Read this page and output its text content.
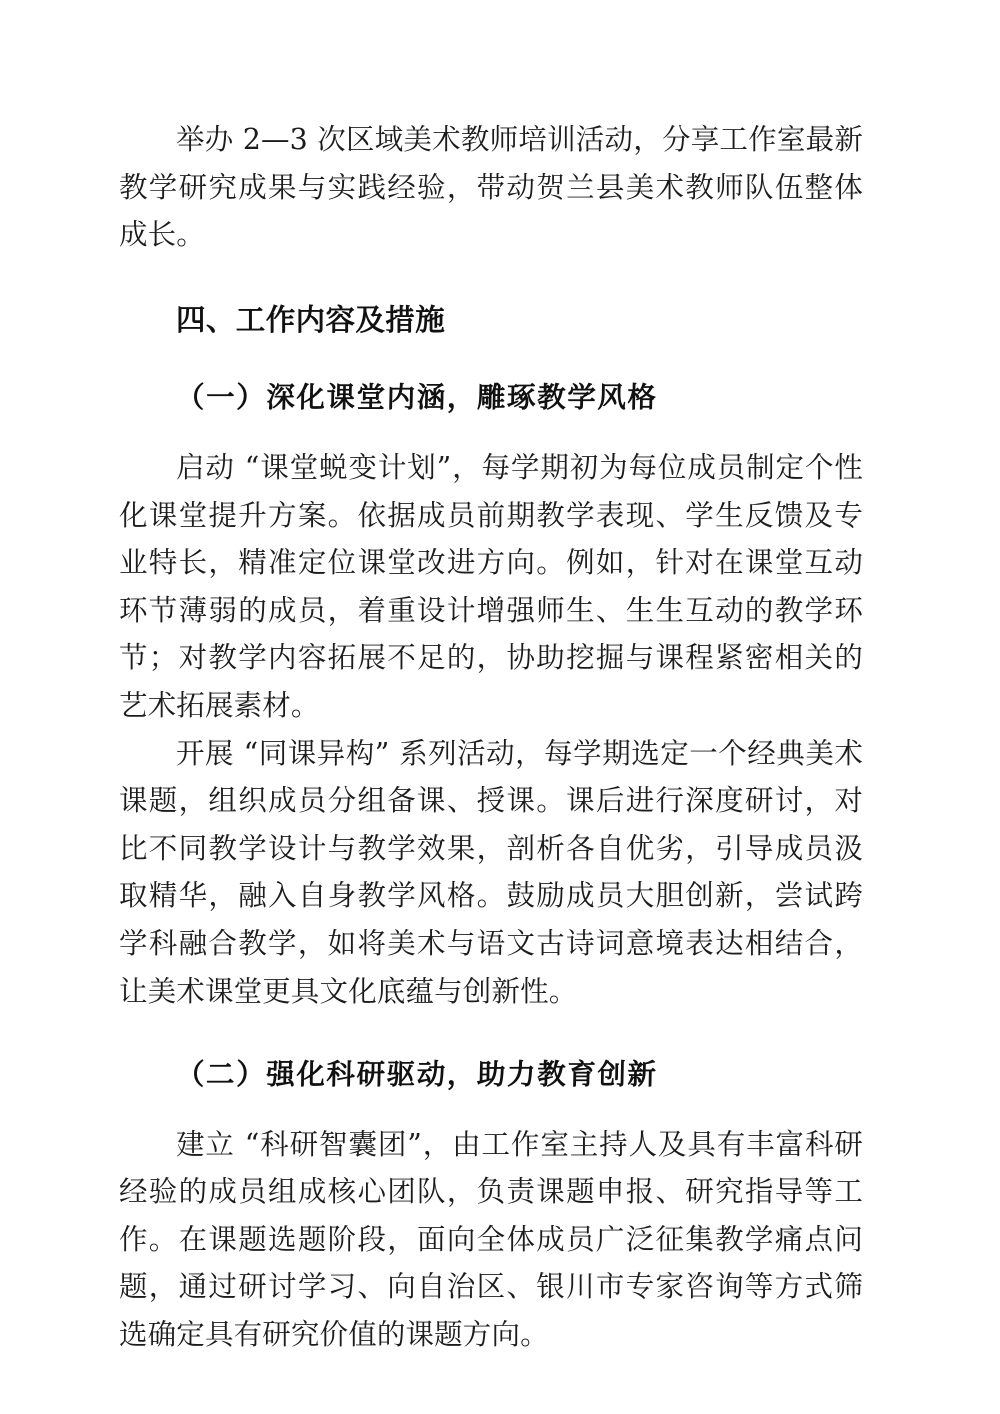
举办 2—3 次区域美术教师培训活动，分享工作室最新教学研究成果与实践经验，带动贺兰县美术教师队伍整体成长。

四、工作内容及措施
（一）深化课堂内涵，雕琢教学风格

启动 “课堂蜕变计划”，每学期初为每位成员制定个性化课堂提升方案。依据成员前期教学表现、学生反馈及专业特长，精准定位课堂改进方向。例如，针对在课堂互动环节薄弱的成员，着重设计增强师生、生生互动的教学环节；对教学内容拓展不足的，协助挖掘与课程紧密相关的艺术拓展素材。

开展 “同课异构” 系列活动，每学期选定一个经典美术课题，组织成员分组备课、授课。课后进行深度研讨，对比不同教学设计与教学效果，剖析各自优劣，引导成员汲取精华，融入自身教学风格。鼓励成员大胆创新，尝试跨学科融合教学，如将美术与语文古诗词意境表达相结合，让美术课堂更具文化底蕴与创新性。

（二）强化科研驱动，助力教育创新

建立 “科研智囊团”，由工作室主持人及具有丰富科研经验的成员组成核心团队，负责课题申报、研究指导等工作。在课题选题阶段，面向全体成员广泛征集教学痛点问题，通过研讨学习、向自治区、银川市专家咨询等方式筛选确定具有研究价值的课题方向。
